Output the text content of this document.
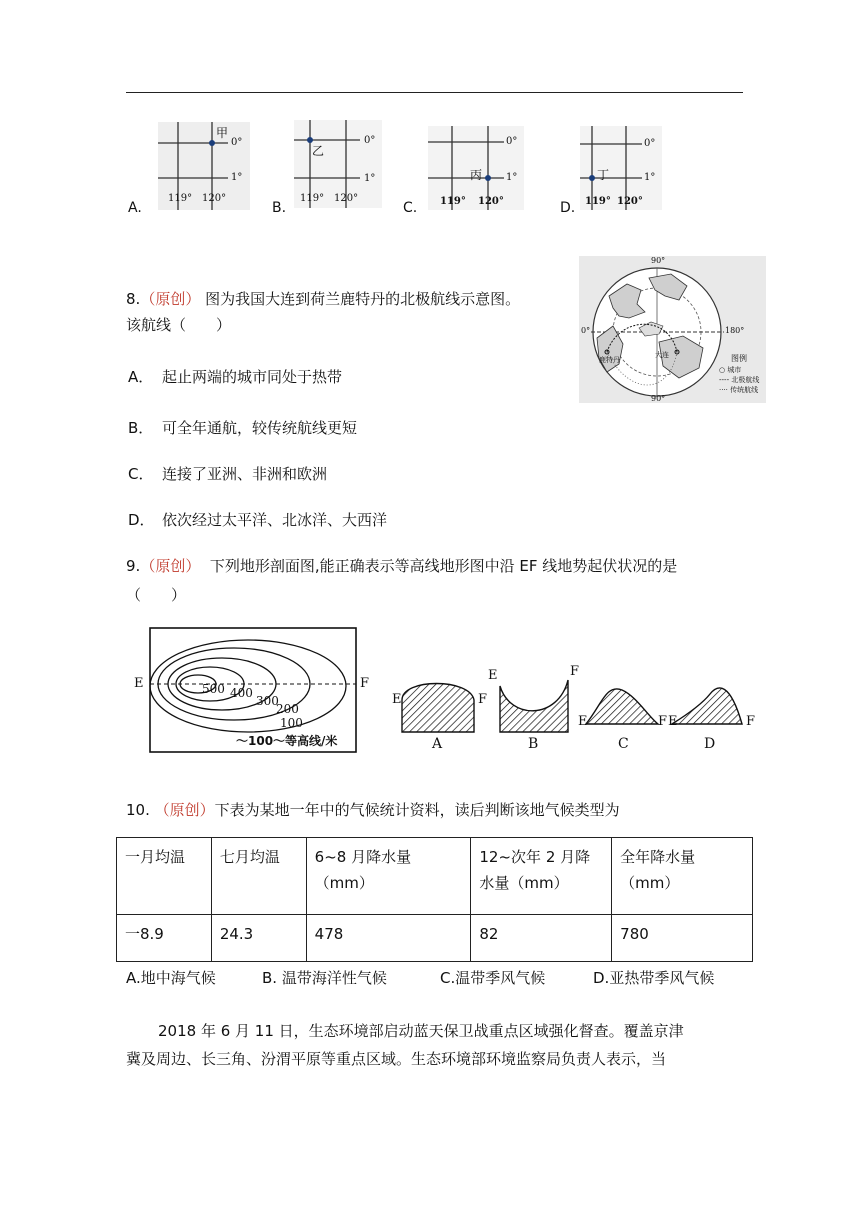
A.
甲
0°
1°
119° 120°
B.
乙
0°
1°
119° 120°
C.
丙
0°
1°
119° 120°	D.
丁
0°
1°
119° 120°
8.（原创） 图为我国大连到荷兰鹿特丹的北极航线示意图。
该航线（　　）
A． 起止两端的城市同处于热带
B． 可全年通航，较传统航线更短
C． 连接了亚洲、非洲和欧洲
D． 依次经过太平洋、北冰洋、大西洋
90°
90°
0°	180°
鹿特丹
大连	图例
○ 城市
---- 北极航线
···· 传统航线
9.（原创） 下列地形剖面图,能正确表示等高线地形图中沿 EF 线地势起伏状况的是
（　　）
E	F
500 400
300
200
100
～100～等高线/米
E	F
A
E	F
B
E	F
C
E	F
D
10. （原创）下表为某地一年中的气候统计资料，读后判断该地气候类型为
一月均温	七月均温	6~8 月降水量（mm）	12~次年 2 月降水量（mm）	全年降水量（mm）
一8.9	24.3	478	82	780
A.地中海气候	B. 温带海洋性气候	C.温带季风气候	D.亚热带季风气候
2018 年 6 月 11 日，生态环境部启动蓝天保卫战重点区域强化督查。覆盖京津
冀及周边、长三角、汾渭平原等重点区域。生态环境部环境监察局负责人表示，当
